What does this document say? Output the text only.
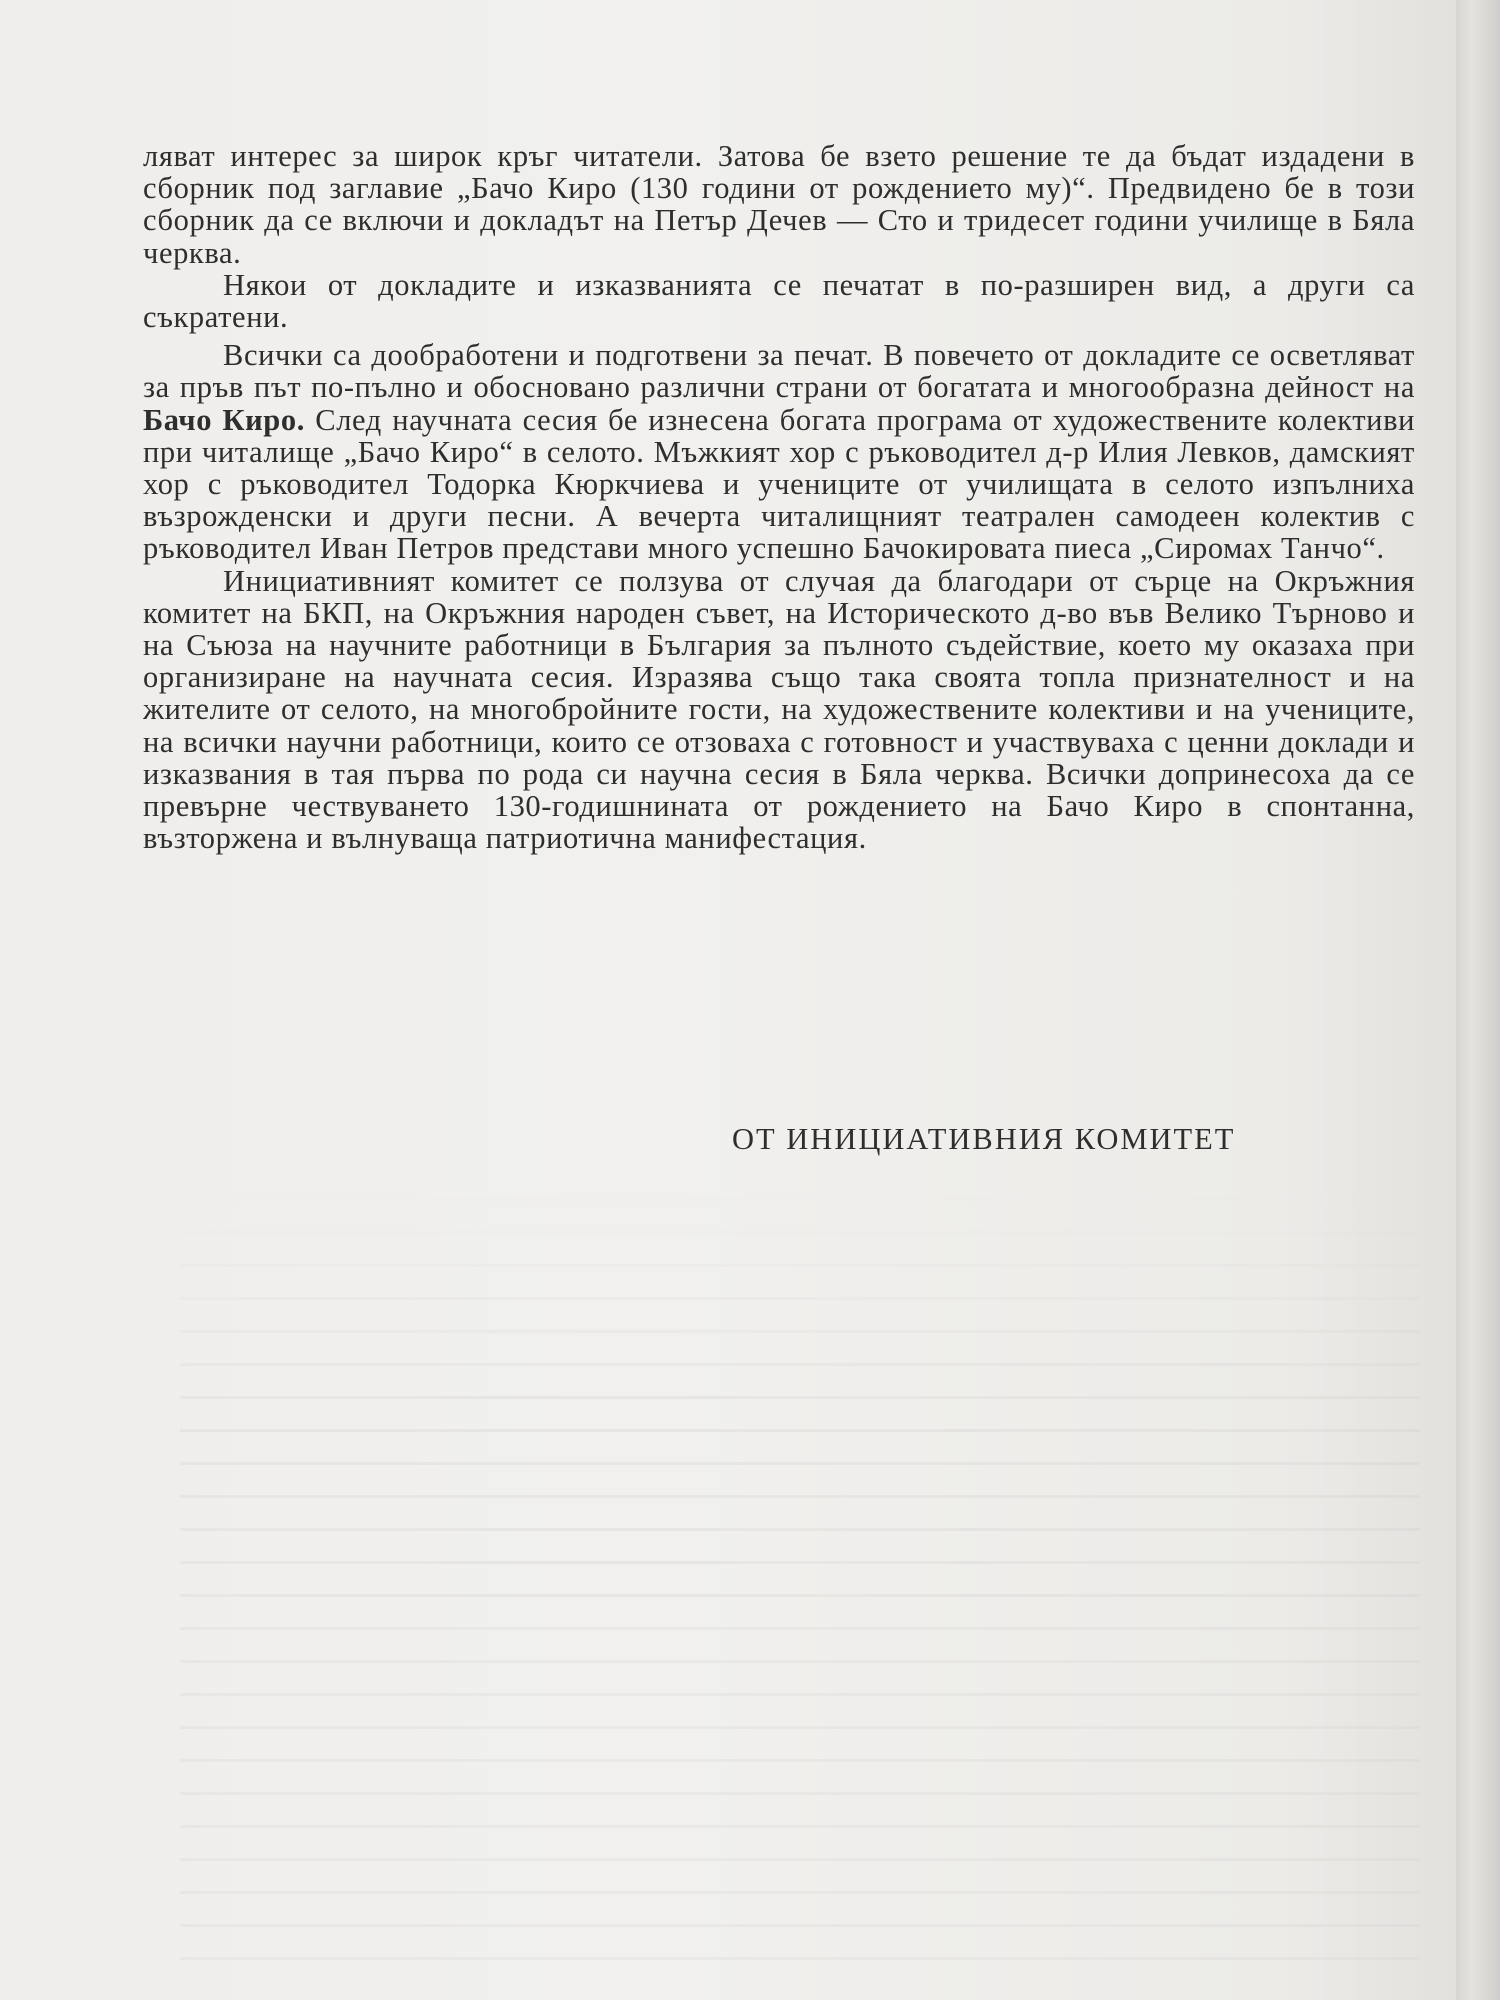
ляват интерес за широк кръг читатели. Затова бе взето решение те да бъдат издадени в сборник под заглавие „Бачо Киро (130 години от рождението му)“. Предвидено бе в този сборник да се включи и докладът на Петър Дечев — Сто и тридесет години училище в Бяла черква.

Някои от докладите и изказванията се печатат в по-разширен вид, а други са съкратени.

Всички са дообработени и подготвени за печат. В повечето от докладите се осветляват за пръв път по-пълно и обосновано различни страни от богатата и многообразна дейност на Бачо Киро. След научната сесия бе изнесена богата програма от художествените колективи при читалище „Бачо Киро“ в селото. Мъжкият хор с ръководител д-р Илия Левков, дамският хор с ръководител Тодорка Кюркчиева и учениците от училищата в селото изпълниха възрожденски и други песни. А вечерта читалищният театрален самодеен колектив с ръководител Иван Петров представи много успешно Бачокировата пиеса „Сиромах Танчо“.

Инициативният комитет се ползува от случая да благодари от сърце на Окръжния комитет на БКП, на Окръжния народен съвет, на Историческото д-во във Велико Търново и на Съюза на научните работници в България за пълното съдействие, което му оказаха при организиране на научната сесия. Изразява също така своята топла признателност и на жителите от селото, на многобройните гости, на художествените колективи и на учениците, на всички научни работници, които се отзоваха с готовност и участвуваха с ценни доклади и изказвания в тая първа по рода си научна сесия в Бяла черква. Всички допринесоха да се превърне чествуването 130-годишнината от рождението на Бачо Киро в спонтанна, възторжена и вълнуваща патриотична манифестация.

ОТ ИНИЦИАТИВНИЯ КОМИТЕТ
